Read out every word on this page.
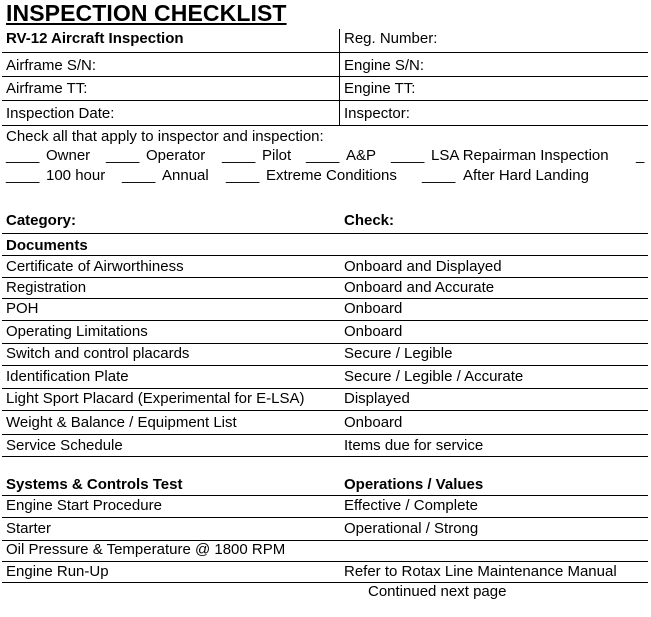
INSPECTION CHECKLIST
RV-12 Aircraft Inspection	Reg. Number:
Airframe S/N:	Engine S/N:
Airframe TT:	Engine TT:
Inspection Date:	Inspector:
Check all that apply to inspector and inspection:
____ Owner ____ Operator ____ Pilot ____ A&P ____ LSA Repairman Inspection _
____ 100 hour ____ Annual ____ Extreme Conditions ____ After Hard Landing
Category:	Check:
Documents
Certificate of Airworthiness	Onboard and Displayed
Registration	Onboard and Accurate
POH	Onboard
Operating Limitations	Onboard
Switch and control placards	Secure / Legible
Identification Plate	Secure / Legible / Accurate
Light Sport Placard (Experimental for E-LSA)	Displayed
Weight & Balance / Equipment List	Onboard
Service Schedule	Items due for service
Systems & Controls Test	Operations / Values
Engine Start Procedure	Effective / Complete
Starter	Operational / Strong
Oil Pressure & Temperature @ 1800 RPM
Engine Run-Up	Refer to Rotax Line Maintenance Manual
Continued next page
